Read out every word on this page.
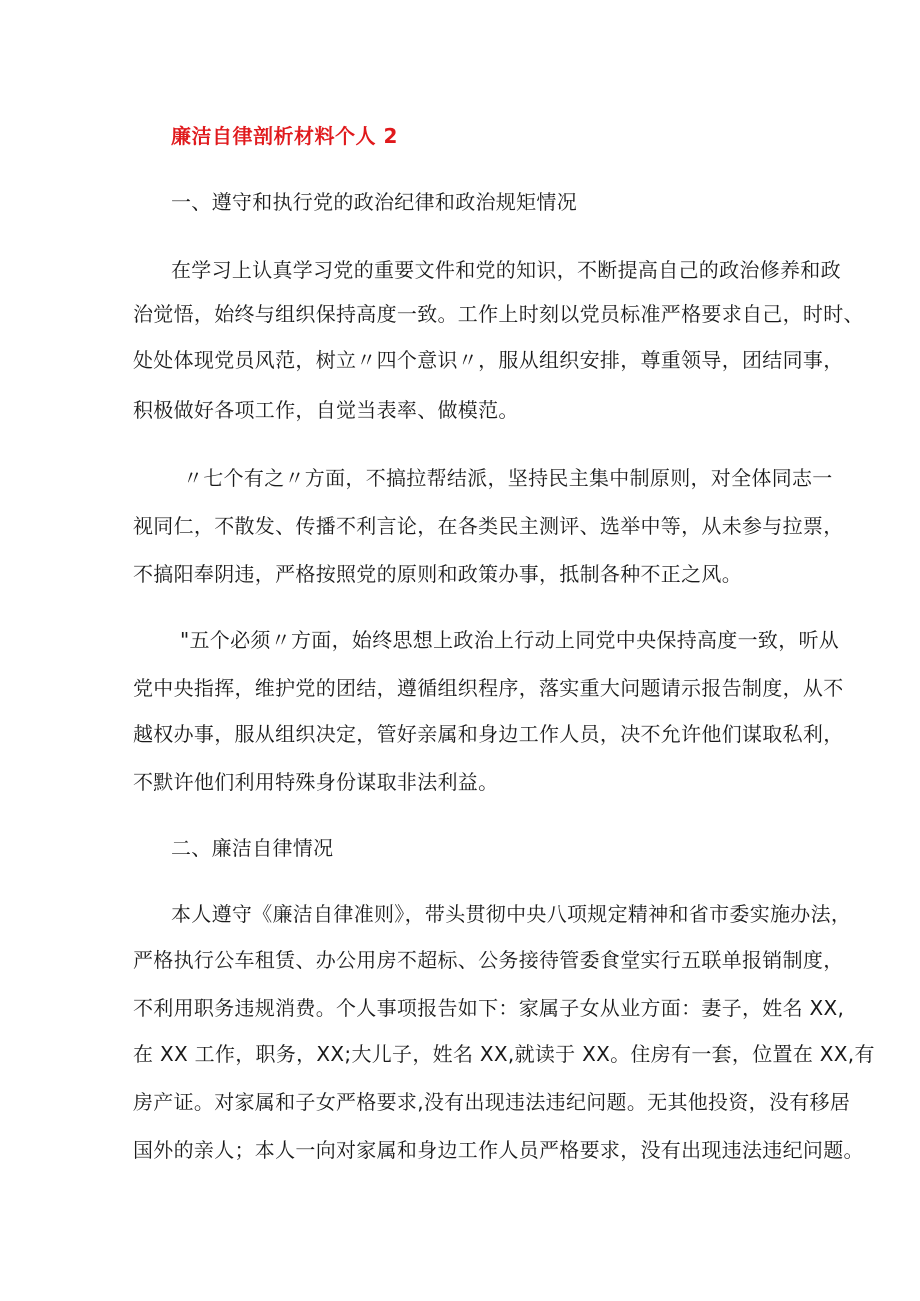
廉洁自律剖析材料个人 2
一、遵守和执行党的政治纪律和政治规矩情况
在学习上认真学习党的重要文件和党的知识，不断提高自己的政治修养和政
治觉悟，始终与组织保持高度一致。工作上时刻以党员标准严格要求自己，时时、
处处体现党员风范，树立〃四个意识〃，服从组织安排，尊重领导，团结同事，
积极做好各项工作，自觉当表率、做模范。
〃七个有之〃方面，不搞拉帮结派，坚持民主集中制原则，对全体同志一
视同仁，不散发、传播不利言论，在各类民主测评、选举中等，从未参与拉票，
不搞阳奉阴违，严格按照党的原则和政策办事，抵制各种不正之风。
"五个必须〃方面，始终思想上政治上行动上同党中央保持高度一致，听从
党中央指挥，维护党的团结，遵循组织程序，落实重大问题请示报告制度，从不
越权办事，服从组织决定，管好亲属和身边工作人员，决不允许他们谋取私利，
不默许他们利用特殊身份谋取非法利益。
二、廉洁自律情况
本人遵守《廉洁自律准则》，带头贯彻中央八项规定精神和省市委实施办法，
严格执行公车租赁、办公用房不超标、公务接待管委食堂实行五联单报销制度，
不利用职务违规消费。个人事项报告如下：家属子女从业方面：妻子，姓名 XX,
在 XX 工作，职务，XX;大儿子，姓名 XX,就读于 XX。住房有一套，位置在 XX,有
房产证。对家属和子女严格要求,没有出现违法违纪问题。无其他投资，没有移居
国外的亲人；本人一向对家属和身边工作人员严格要求，没有出现违法违纪问题。
